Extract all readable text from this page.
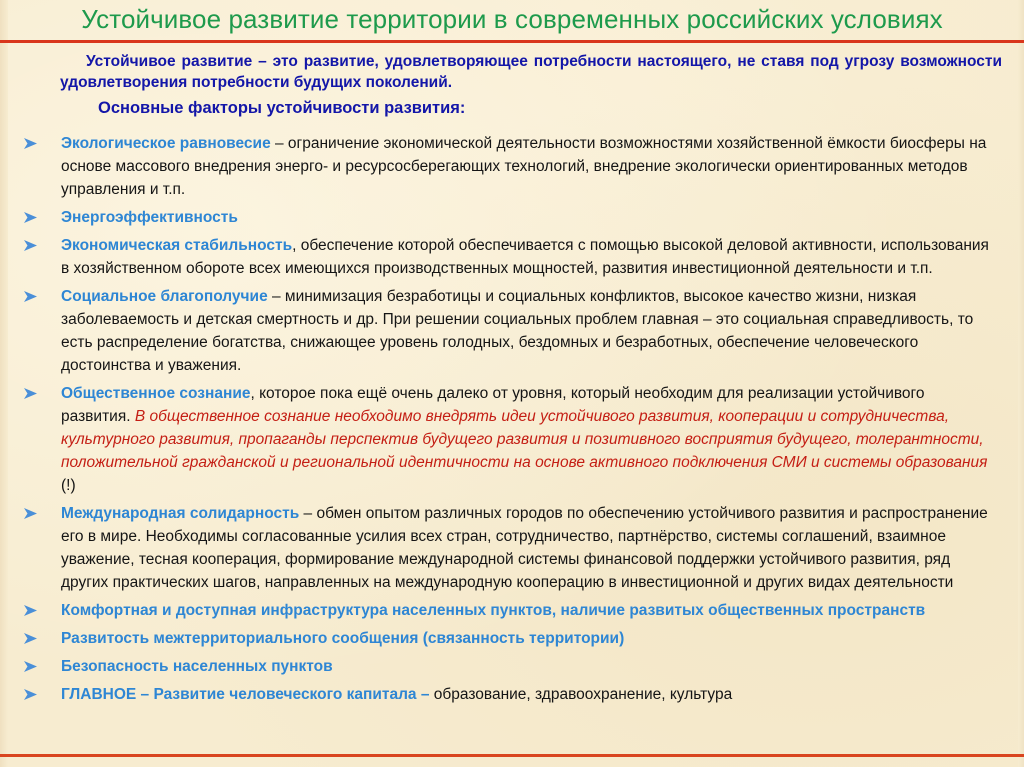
Устойчивое развитие территории в современных российских условиях
Устойчивое развитие – это развитие, удовлетворяющее потребности настоящего, не ставя под угрозу возможности удовлетворения потребности будущих поколений.
Основные факторы устойчивости развития:
Экологическое равновесие – ограничение экономической деятельности возможностями хозяйственной ёмкости биосферы на основе массового внедрения энерго- и ресурсосберегающих технологий, внедрение экологически ориентированных методов управления и т.п.
Энергоэффективность
Экономическая стабильность, обеспечение которой обеспечивается с помощью высокой деловой активности, использования в хозяйственном обороте всех имеющихся производственных мощностей, развития инвестиционной деятельности и т.п.
Социальное благополучие – минимизация безработицы и социальных конфликтов, высокое качество жизни, низкая заболеваемость и детская смертность и др. При решении социальных проблем главная – это социальная справедливость, то есть распределение богатства, снижающее уровень голодных, бездомных и безработных, обеспечение человеческого достоинства и уважения.
Общественное сознание, которое пока ещё очень далеко от уровня, который необходим для реализации устойчивого развития. В общественное сознание необходимо внедрять идеи устойчивого развития, кооперации и сотрудничества, культурного развития, пропаганды перспектив будущего развития и позитивного восприятия будущего, толерантности, положительной гражданской и региональной идентичности на основе активного подключения СМИ и системы образования (!)
Международная солидарность – обмен опытом различных городов по обеспечению устойчивого развития и распространение его в мире. Необходимы согласованные усилия всех стран, сотрудничество, партнёрство, системы соглашений, взаимное уважение, тесная кооперация, формирование международной системы финансовой поддержки устойчивого развития, ряд других практических шагов, направленных на международную кооперацию в инвестиционной и других видах деятельности
Комфортная и доступная инфраструктура населенных пунктов, наличие развитых общественных пространств
Развитость межтерриториального сообщения (связанность территории)
Безопасность населенных пунктов
ГЛАВНОЕ – Развитие человеческого капитала – образование, здравоохранение, культура
